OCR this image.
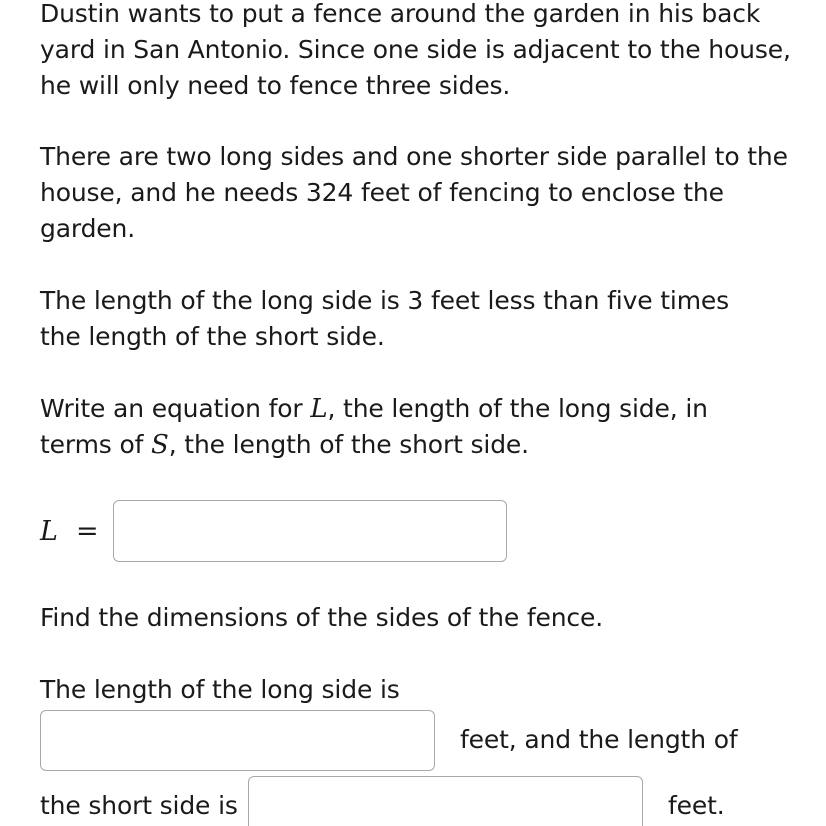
Dustin wants to put a fence around the garden in his back yard in San Antonio. Since one side is adjacent to the house, he will only need to fence three sides.

There are two long sides and one shorter side parallel to the house, and he needs 324 feet of fencing to enclose the garden.

The length of the long side is 3 feet less than five times the length of the short side.

Write an equation for L, the length of the long side, in terms of S, the length of the short side.

L =

Find the dimensions of the sides of the fence.

The length of the long side is

feet, and the length of
the short side is	feet.
